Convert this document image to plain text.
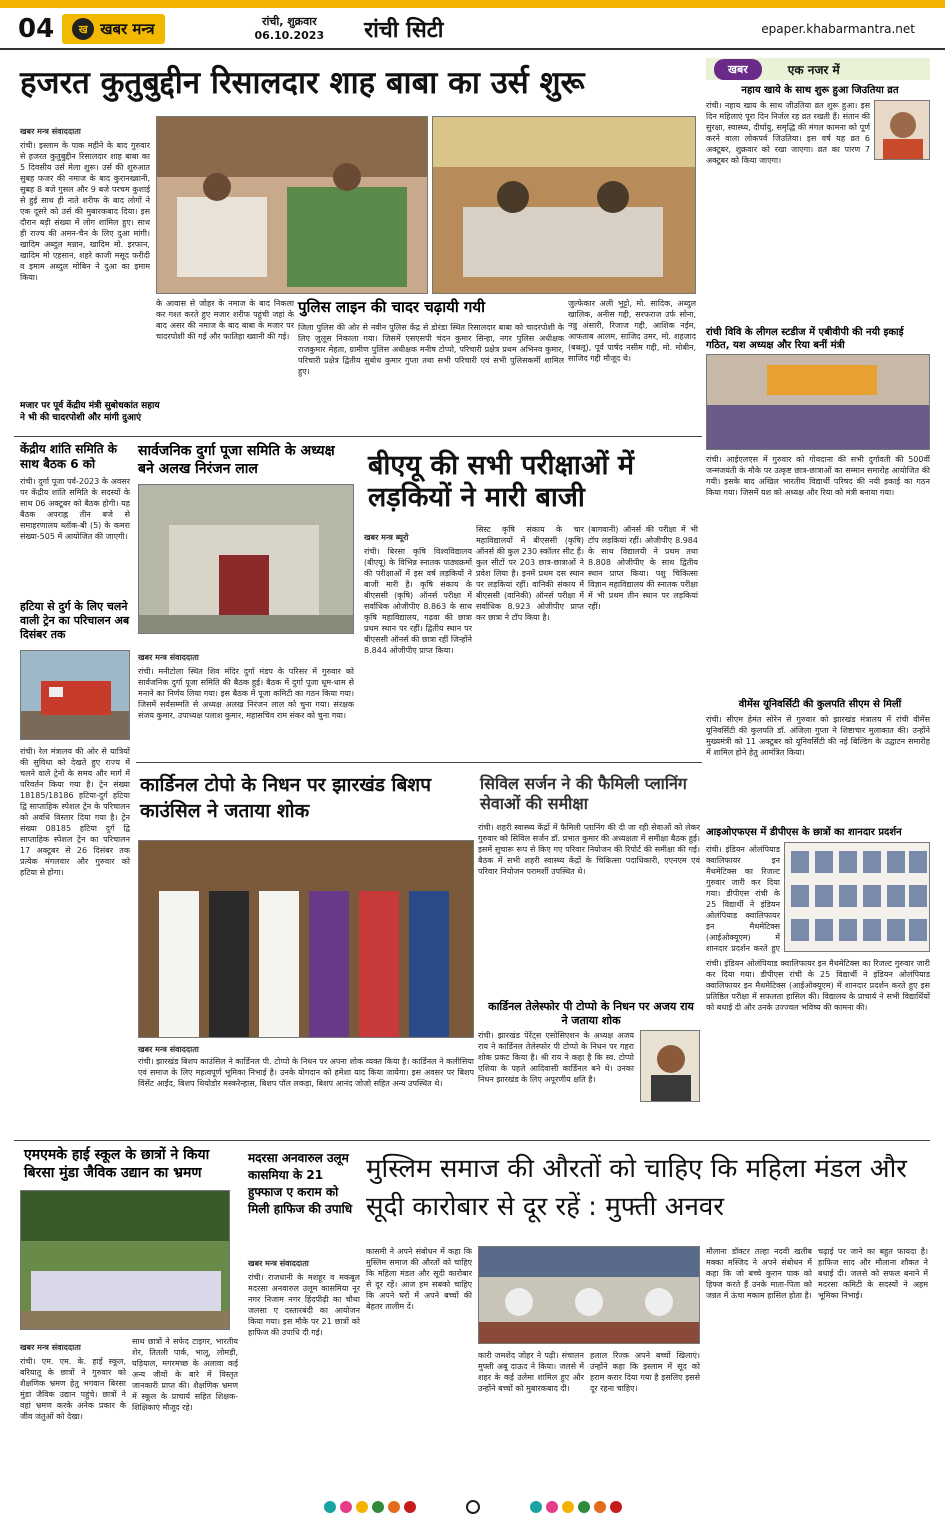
04	ख खबर मन्त्र	रांची, शुक्रवार
06.10.2023 रांची सिटी	epaper.khabarmantra.net
हजरत कुतुबुद्दीन रिसालदार शाह बाबा का उर्स शुरू
खबर मन्त्र संवाददाता
रांची। इस्लाम के पाक महीने के बाद गुरुवार से हजरत कुतुबुद्दीन रिसालदार शाह बाबा का 5 दिवसीय उर्स मेला शुरू। उर्स की शुरुआत सुबह फजर की नमाज के बाद कुरानख्वानी, सुबह 8 बजे गुसल और 9 बजे परचम कुशाई से हुई साथ ही नाते शरीफ के बाद लोगों ने एक दूसरे को उर्स की मुबारकबाद दिया। इस दौरान बड़ी संख्या में लोग शामिल हुए। साथ ही राज्य की अमन-चैन के लिए दुआ मांगी। खादिम अब्दुल मन्नान, खादिम मो. इरफान, खादिम मो एहसान, शहरे काजी मसूद फरीदी व इमाम अब्दुल मोबिन ने दुआ का इमाम किया।
के आवास से जोहर के नमाज के बाद निकला कर गश्त करते हुए मजार शरीफ पहुंची जहां के बाद असर की नमाज के बाद बाबा के मजार पर चादरपोशी की गई और फातिहा ख्वानी की गई।
पुलिस लाइन की चादर चढ़ायी गयी
जिला पुलिस की ओर से नवीन पुलिस केंद्र से डोरंडा स्थित रिसालदार बाबा को चादरपोशी के लिए जुलूस निकाला गया। जिसमें एसएसपी चंदन कुमार सिन्हा, नगर पुलिस अधीक्षक राजकुमार मेहता, ग्रामीण पुलिस अधीक्षक मनीष टोप्पो, परिचारी प्रक्षेत्र प्रथम अभिनव कुमार, परिचारी प्रक्षेत्र द्वितीय सुबोध कुमार गुप्ता तथा सभी परिचारी एवं सभी पुलिसकर्मी शामिल हुए।
जुल्फेकार अली भुट्टो, मो. सादिक, अब्दुल खालिक, अनीस गद्दी, सरफराज उर्फ सोना, नन्नु अंसारी, रिजाज गद्दी, आशिक नईम, आफताब आलम, साजिद उमर, मो. शहजाद (बबलू), पूर्व पार्षद नसीम गद्दी, मो. मोबीन, साजिद गद्दी मौजूद थे।
मजार पर पूर्व केंद्रीय मंत्री सुबोधकांत सहाय ने भी की चादरपोशी और मांगी दुआएं
केंद्रीय शांति समिति के साथ बैठक 6 को
रांची। दुर्गा पूजा पर्व-2023 के अवसर पर केंद्रीय शांति समिति के सदस्यों के साथ 06 अक्टूबर को बैठक होगी। यह बैठक अपराह्न तीन बजे से समाहरणालय ब्लॉक-बी (5) के कमरा संख्या-505 में आयोजित की जाएगी।
हटिया से दुर्ग के लिए चलने वाली ट्रेन का परिचालन अब दिसंबर तक
रांची। रेल मंत्रालय की ओर से यात्रियों की सुविधा को देखते हुए राज्य में चलने वाले ट्रेनों के समय और मार्ग में परिवर्तन किया गया है। ट्रेन संख्या 18185/18186 हटिया-दुर्ग हटिया द्वि साप्ताहिक स्पेशल ट्रेन के परिचालन को अवधि विस्तार दिया गया है। ट्रेन संख्या 08185 हटिया दुर्ग द्वि साप्ताहिक स्पेशल ट्रेन का परिचालन 17 अक्टूबर से 26 दिसंबर तक प्रत्येक मंगलवार और गुरुवार को हटिया से होगा।
सार्वजनिक दुर्गा पूजा समिति के अध्यक्ष बने अलख निरंजन लाल
खबर मन्त्र संवाददाता
रांची। मनीटोला स्थित शिव मंदिर दुर्गा मंडप के परिसर में गुरुवार को सार्वजनिक दुर्गा पूजा समिति की बैठक हुई। बैठक में दुर्गा पूजा धूम-धाम से मनाने का निर्णय लिया गया। इस बैठक में पूजा कमिटी का गठन किया गया। जिसमें सर्वसम्मति से अध्यक्ष अलख निरंजन लाल को चुना गया। संरक्षक संजय कुमार, उपाध्यक्ष पलाश कुमार, महासचिव राम संकर को चुना गया।
बीएयू की सभी परीक्षाओं में लड़कियों ने मारी बाजी
खबर मन्त्र ब्यूरो
रांची। बिरसा कृषि विश्वविद्यालय (बीएयू) के विभिन्न स्नातक पाठ्यक्रमों की परीक्षाओं में इस वर्ष लड़कियों ने बाजी मारी है। कृषि संकाय के बीएससी (कृषि) ऑनर्स परीक्षा में सर्वाधिक ओजीपीए 8.863 के साथ कृषि महाविद्यालय, गढ़वा की छात्रा प्रथम स्थान पर रहीं। द्वितीय स्थान पर बीएससी ऑनर्स की छात्रा रहीं जिन्होंने 8.844 ओजीपीए प्राप्त किया।
सिस्ट कृषि संकाय के चार महाविद्यालयों में बीएससी (कृषि) ऑनर्स की कुल 230 स्कॉलर सीट हैं। कुल सीटों पर 203 छात्र-छात्राओं ने प्रवेश लिया है। इनमें प्रथम दस स्थान पर लड़कियां रहीं। वानिकी संकाय में बीएससी (वानिकी) ऑनर्स परीक्षा में सर्वाधिक 8.923 ओजीपीए प्राप्त कर छात्रा ने टॉप किया है।
(बागवानी) ऑनर्स की परीक्षा में भी टॉप लड़कियां रहीं। ओजीपीए 8.984 के साथ विद्यालयी ने प्रथम तथा 8.808 ओजीपीए के साथ द्वितीय स्थान प्राप्त किया। पशु चिकित्सा विज्ञान महाविद्यालय की स्नातक परीक्षा में भी प्रथम तीन स्थान पर लड़कियां रहीं।
कार्डिनल टोपो के निधन पर झारखंड बिशप काउंसिल ने जताया शोक
खबर मन्त्र संवाददाता
रांची। झारखंड बिशप काउंसिल ने कार्डिनल पी. टोप्पो के निधन पर अपना शोक व्यक्त किया है। कार्डिनल ने कलीसिया एवं समाज के लिए महत्वपूर्ण भूमिका निभाई है। उनके योगदान को हमेशा याद किया जायेगा। इस अवसर पर बिशप विंसेंट आईंद, बिशप थियोडोर मस्करेन्हास, बिशप पॉल लकड़ा, बिशप आनंद जोजो सहित अन्य उपस्थित थे।
सिविल सर्जन ने की फैमिली प्लानिंग सेवाओं की समीक्षा
रांची। शहरी स्वास्थ्य केंद्रों में फैमिली प्लानिंग की दी जा रही सेवाओं को लेकर गुरुवार को सिविल सर्जन डॉ. प्रभात कुमार की अध्यक्षता में समीक्षा बैठक हुई। इसमें सुचारू रूप से किए गए परिवार नियोजन की रिपोर्ट की समीक्षा की गई। बैठक में सभी शहरी स्वास्थ्य केंद्रों के चिकित्सा पदाधिकारी, एएनएम एवं परिवार नियोजन परामर्शी उपस्थित थे।
कार्डिनल तेलेस्फोर पी टोप्पो के निधन पर अजय राय ने जताया शोक
रांची। झारखंड पेरेंट्स एसोसिएशन के अध्यक्ष अजय राय ने कार्डिनल तेलेस्फोर पी टोप्पो के निधन पर गहरा शोक प्रकट किया है। श्री राय ने कहा है कि स्व. टोप्पो एशिया के पहले आदिवासी कार्डिनल बने थे। उनका निधन झारखंड के लिए अपूरणीय क्षति है।
एमएमके हाई स्कूल के छात्रों ने किया बिरसा मुंडा जैविक उद्यान का भ्रमण
खबर मन्त्र संवाददाता
रांची। एम. एम. के. हाई स्कूल, बरियातू के छात्रों ने गुरुवार को शैक्षणिक भ्रमण हेतु भगवान बिरसा मुंडा जैविक उद्यान पहुंचे। छात्रों ने वहां भ्रमण करके अनेक प्रकार के जीव जंतुओं को देखा।
साथ छात्रों ने सफेद टाइगर, भारतीय शेर, तितली पार्क, भालू, लोमड़ी, घड़ियाल, मगरमच्छ के अलावा कई अन्य जीवों के बारे में विस्तृत जानकारी प्राप्त की। शैक्षणिक भ्रमण में स्कूल के प्राचार्य सहित शिक्षक-शिक्षिकाएं मौजूद रहे।
मदरसा अनवारुल उलूम कासमिया के 21 हुफ्फाज ए कराम को मिली हाफिज की उपाधि
खबर मन्त्र संवाददाता
रांची। राजधानी के मशहूर व मकबूल मदरसा अनवारुल उलूम कासमिया नूर नगर निजाम नगर हिंदपीढ़ी का चौथा जलसा ए दस्तारबंदी का आयोजन किया गया। इस मौके पर 21 छात्रों को हाफिज की उपाधि दी गई।
मुस्लिम समाज की औरतों को चाहिए कि महिला मंडल और सूदी कारोबार से दूर रहें : मुफ्ती अनवर
कासमी ने अपने संबोधन में कहा कि मुस्लिम समाज की औरतों को चाहिए कि महिला मंडल और सूदी कारोबार से दूर रहें। आज हम सबको चाहिए कि अपने घरों में अपने बच्चों की बेहतर तालीम दें।
कारी जमशेद जोहर ने पढ़ी। संचालन मुफ्ती अबू दाऊद ने किया। जलसे में शहर के कई उलेमा शामिल हुए और उन्होंने बच्चों को मुबारकबाद दी।
हलाल रिज्क़ अपने बच्चों खिलाएं। उन्होंने कहा कि इस्लाम में सूद को हराम करार दिया गया है इसलिए इससे दूर रहना चाहिए।
मौलाना डॉक्टर तल्हा नदवी खतीब मक्का मस्जिद ने अपने संबोधन में कहा कि जो बच्चे कुरान पाक को हिफ्ज करते हैं उनके माता-पिता को जन्नत में ऊंचा मकाम हासिल होता है।
चढ़ाई पर जाने का बहुत फायदा है। हाफिज साद और मौलाना शौकत ने बधाई दी। जलसे को सफल बनाने में मदरसा कमिटी के सदस्यों ने अहम भूमिका निभाई।
खबर	एक नजर में
नहाय खाये के साथ शुरू हुआ जिउतिया व्रत
रांची। नहाय खाय के साथ जीउतिया व्रत शुरू हुआ। इस दिन महिलाएं पूरा दिन निर्जल रह व्रत रखती हैं। संतान की सुरक्षा, स्वास्थ्य, दीर्घायु, समृद्धि की मंगल कामना को पूर्ण करने वाला लोकपर्व जिउतिया। इस वर्ष यह व्रत 6 अक्टूबर, शुक्रवार को रखा जाएगा। व्रत का पारण 7 अक्टूबर को किया जाएगा।
रांची विवि के लीगल स्टडीज में एबीवीपी की नयी इकाई गठित, यश अध्यक्ष और रिया बनीं मंत्री
रांची। आईएलएस में गुरुवार को गोवदाना की सभी दुर्गावती की 500वीं जन्मजयंती के मौके पर उत्कृष्ट छात्र-छात्राओं का सम्मान समारोह आयोजित की गयी। इसके बाद अखिल भारतीय विद्यार्थी परिषद की नयी इकाई का गठन किया गया। जिसमें यश को अध्यक्ष और रिया को मंत्री बनाया गया।
वीमेंस यूनिवर्सिटी की कुलपति सीएम से मिलीं
रांची। सीएम हेमंत सोरेन से गुरुवार को झारखंड मंत्रालय में रांची वीमेंस यूनिवर्सिटी की कुलपति डॉ. अंजिला गुप्ता ने शिष्टाचार मुलाकात की। उन्होंने मुख्यमंत्री को 11 अक्टूबर को यूनिवर्सिटी की नई बिल्डिंग के उद्घाटन समारोह में शामिल होने हेतु आमंत्रित किया।
आइओएफएस में डीपीएस के छात्रों का शानदार प्रदर्शन
रांची। इंडियन ओलंपियाड क्वालिफायर इन मैथमेटिक्स का रिजल्ट गुरुवार जारी कर दिया गया। डीपीएस रांची के 25 विद्यार्थी ने इंडियन ओलंपियाड क्वालिफायर इन मैथमेटिक्स (आईओक्यूएम) में शानदार प्रदर्शन करते हुए
रांची। इंडियन ओलंपियाड क्वालिफायर इन मैथमेटिक्स का रिजल्ट गुरुवार जारी कर दिया गया। डीपीएस रांची के 25 विद्यार्थी ने इंडियन ओलंपियाड क्वालिफायर इन मैथमेटिक्स (आईओक्यूएम) में शानदार प्रदर्शन करते हुए इस प्रतिष्ठित परीक्षा में सफलता हासिल की। विद्यालय के प्राचार्य ने सभी विद्यार्थियों को बधाई दी और उनके उज्ज्वल भविष्य की कामना की।
